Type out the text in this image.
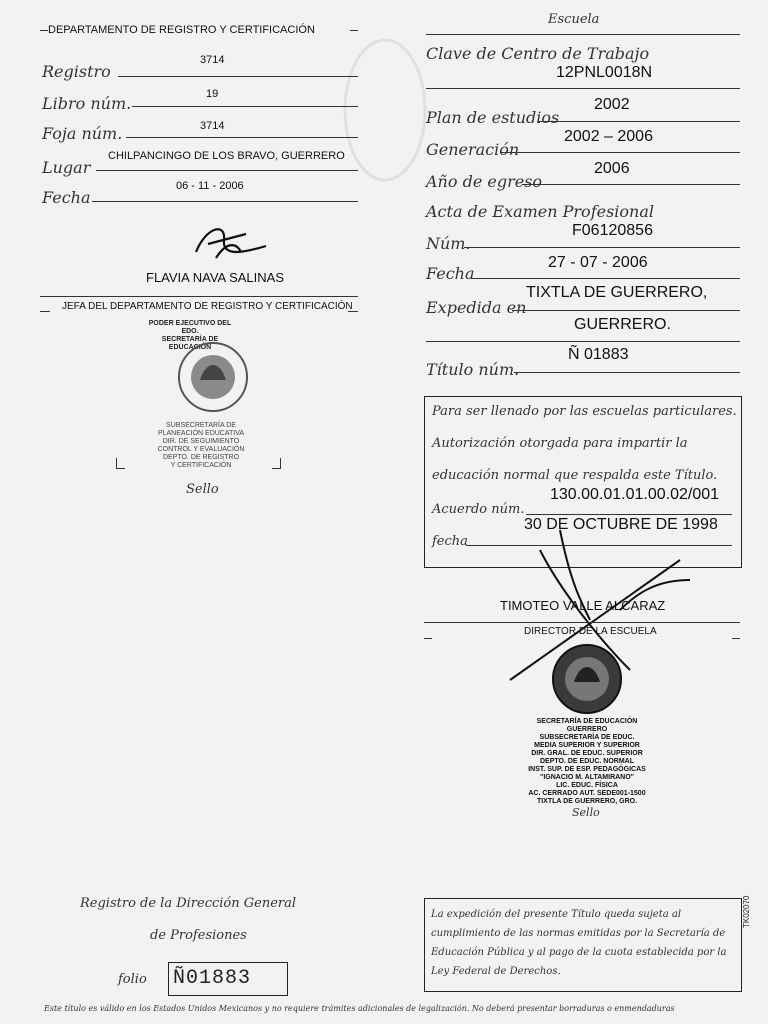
DEPARTAMENTO DE REGISTRO Y CERTIFICACIÓN
Registro
3714
Libro núm.	19
Foja núm.	3714
Lugar
CHILPANCINGO DE LOS BRAVO, GUERRERO
Fecha
06 - 11 - 2006
FLAVIA NAVA SALINAS
JEFA DEL DEPARTAMENTO DE REGISTRO Y CERTIFICACIÓN
PODER EJECUTIVO DEL EDO.
SECRETARÍA DE EDUCACIÓN
SUBSECRETARÍA DE
PLANEACIÓN EDUCATIVA
DIR. DE SEGUIMIENTO
CONTROL Y EVALUACIÓN
DEPTO. DE REGISTRO
Y CERTIFICACIÓN
Sello
Escuela
Clave de Centro de Trabajo
12PNL0018N
Plan de estudios
2002
Generación
2002 – 2006
Año de egreso
2006
Acta de Examen Profesional
Núm.
F06120856
Fecha
27 - 07 - 2006
Expedida en
TIXTLA DE GUERRERO,
GUERRERO.
Título núm.
Ñ 01883
Para ser llenado por las escuelas particulares.
Autorización otorgada para impartir la
educación normal que respalda este Título.
Acuerdo núm.
130.00.01.01.00.02/001
fecha
30 DE OCTUBRE DE 1998
TIMOTEO VALLE ALCARAZ
DIRECTOR DE LA ESCUELA
SECRETARÍA DE EDUCACIÓN
GUERRERO
SUBSECRETARÍA DE EDUC.
MEDIA SUPERIOR Y SUPERIOR
DIR. GRAL. DE EDUC. SUPERIOR
DEPTO. DE EDUC. NORMAL
INST. SUP. DE ESP. PEDAGÓGICAS
"IGNACIO M. ALTAMIRANO"
LIC. EDUC. FÍSICA
AC. CERRADO AUT. SEDE001-1500
TIXTLA DE GUERRERO, GRO.
Sello
Registro de la Dirección General
de Profesiones
folio Ñ01883
La expedición del presente Título queda sujeta al cumplimiento de las normas emitidas por la Secretaría de Educación Pública y al pago de la cuota establecida por la Ley Federal de Derechos.
TK02070
Este título es válido en los Estados Unidos Mexicanos y no requiere trámites adicionales de legalización. No deberá presentar borraduras o enmendaduras
